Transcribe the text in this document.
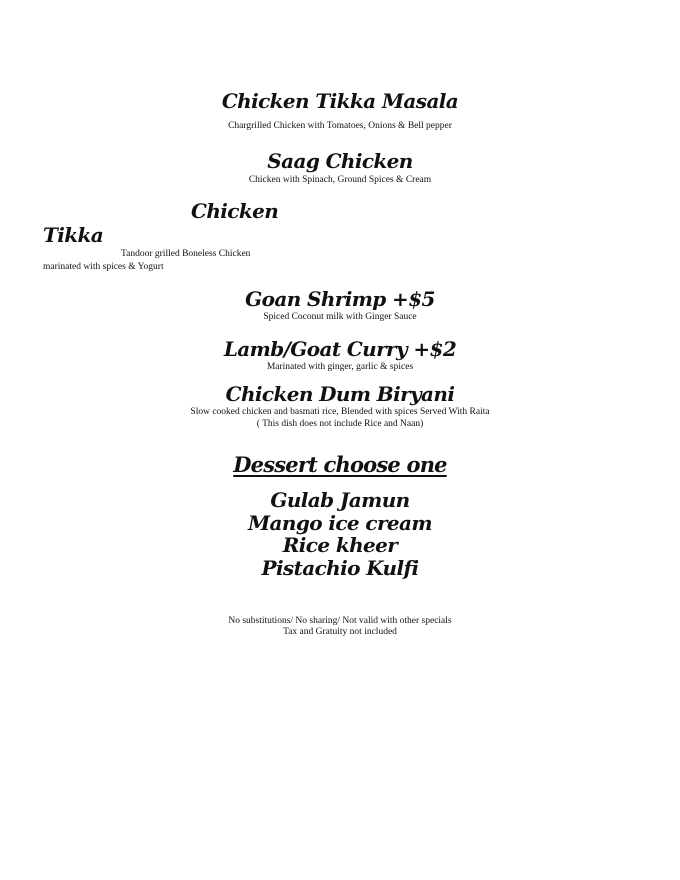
Chicken Tikka Masala
Chargrilled Chicken with Tomatoes, Onions & Bell pepper
Saag Chicken
Chicken with Spinach, Ground Spices & Cream
Chicken
Tikka
Tandoor grilled Boneless Chicken
marinated with spices & Yogurt
Goan Shrimp +$5
Spiced Coconut milk with Ginger Sauce
Lamb/Goat Curry +$2
Marinated with ginger, garlic & spices
Chicken Dum Biryani
Slow cooked chicken and basmati rice, Blended with spices Served With Raita
( This dish does not include Rice and Naan)
Dessert choose one
Gulab Jamun
Mango ice cream
Rice kheer
Pistachio Kulfi
No substitutions/ No sharing/ Not valid with other specials
Tax and Gratuity not included
